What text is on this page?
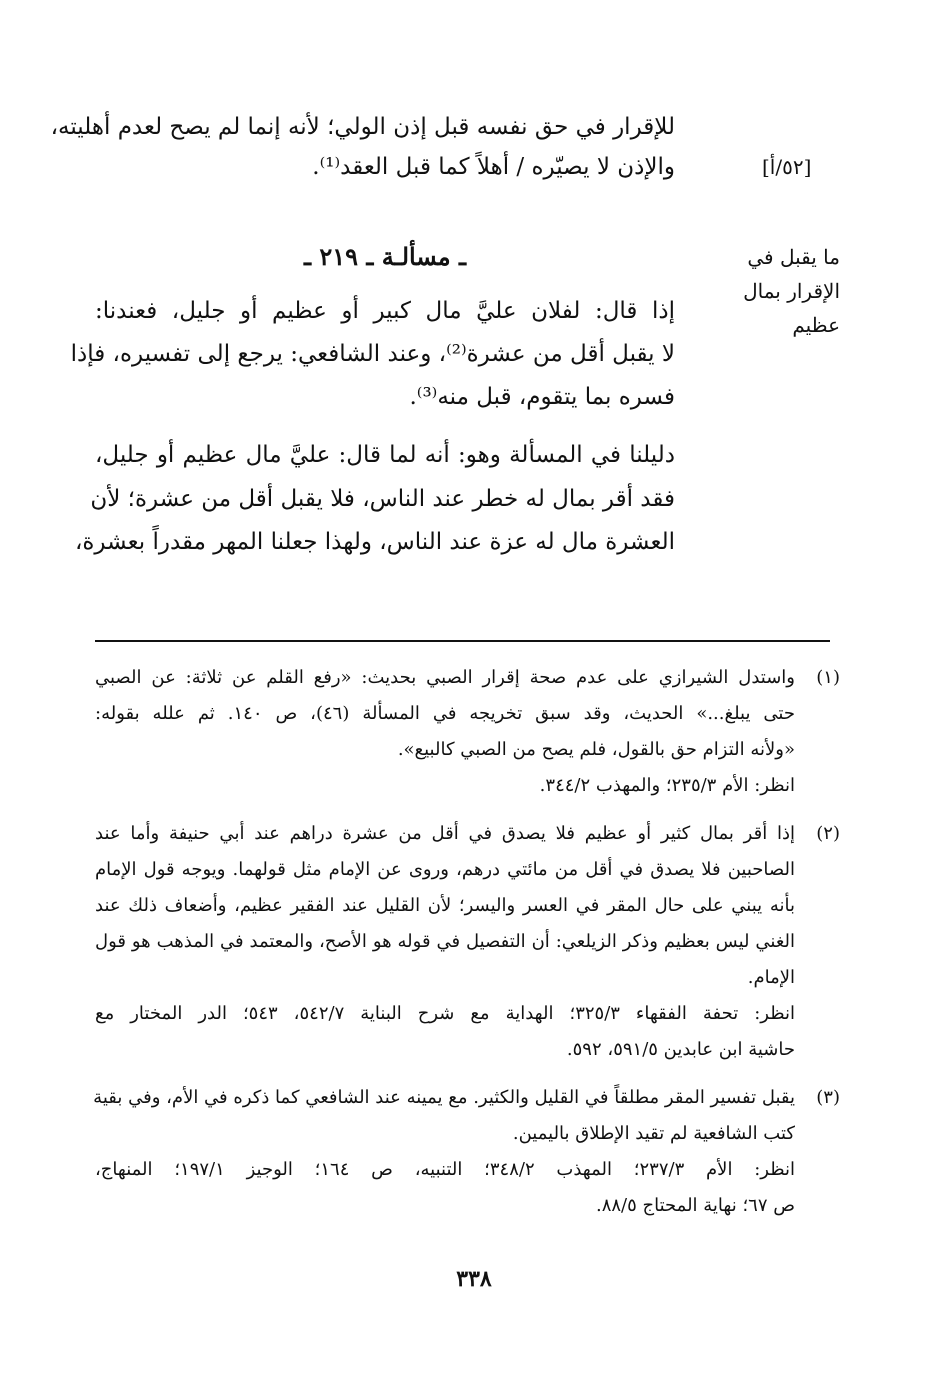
للإقرار في حق نفسه قبل إذن الولي؛ لأنه إنما لم يصح لعدم أهليته،
والإذن لا يصيّره / أهلاً كما قبل العقد⁽¹⁾.	[٥٢/أ]
ما يقبل في الإقرار بمال عظيم
ـ مسألـة ـ ٢١٩ ـ
إذا قال: لفلان عليَّ مال كبير أو عظيم أو جليل، فعندنا:
لا يقبل أقل من عشرة⁽²⁾، وعند الشافعي: يرجع إلى تفسيره، فإذا
فسره بما يتقوم، قبل منه⁽³⁾.
دليلنا في المسألة وهو: أنه لما قال: عليَّ مال عظيم أو جليل،
فقد أقر بمال له خطر عند الناس، فلا يقبل أقل من عشرة؛ لأن
العشرة مال له عزة عند الناس، ولهذا جعلنا المهر مقدراً بعشرة،
(١)
واستدل الشيرازي على عدم صحة إقرار الصبي بحديث: «رفع القلم عن ثلاثة: عن الصبي
حتى يبلغ...» الحديث، وقد سبق تخريجه في المسألة (٤٦)، ص ١٤٠. ثم علله بقوله:
«ولأنه التزام حق بالقول، فلم يصح من الصبي كالبيع».
انظر: الأم ٢٣٥/٣؛ والمهذب ٣٤٤/٢.
(٢)
إذا أقر بمال كثير أو عظيم فلا يصدق في أقل من عشرة دراهم عند أبي حنيفة وأما عند
الصاحبين فلا يصدق في أقل من مائتي درهم، وروى عن الإمام مثل قولهما. ويوجه قول الإمام
بأنه يبني على حال المقر في العسر واليسر؛ لأن القليل عند الفقير عظيم، وأضعاف ذلك عند
الغني ليس بعظيم وذكر الزيلعي: أن التفصيل في قوله هو الأصح، والمعتمد في المذهب هو قول
الإمام.
انظر: تحفة الفقهاء ٣٢٥/٣؛ الهداية مع شرح البناية ٥٤٢/٧، ٥٤٣؛ الدر المختار مع
حاشية ابن عابدين ٥٩١/٥، ٥٩٢.
(٣)
يقبل تفسير المقر مطلقاً في القليل والكثير. مع يمينه عند الشافعي كما ذكره في الأم، وفي بقية
كتب الشافعية لم تقيد الإطلاق باليمين.
انظر: الأم ٢٣٧/٣؛ المهذب ٣٤٨/٢؛ التنبيه، ص ١٦٤؛ الوجيز ١٩٧/١؛ المنهاج،
ص ٦٧؛ نهاية المحتاج ٨٨/٥.
٣٣٨
